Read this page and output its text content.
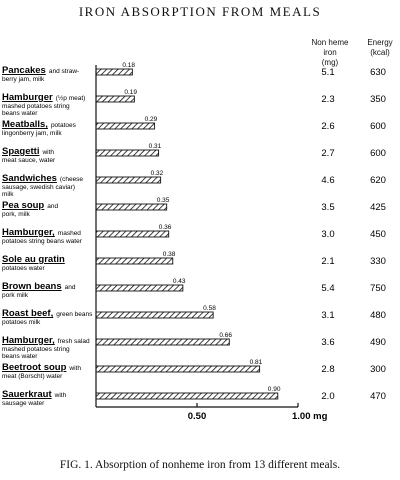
IRON ABSORPTION FROM MEALS
Non heme
iron
(mg)
Energy
(kcal)
Pancakes and straw-
berry jam, milk
0.18
5.1	630
Hamburger (½p meat)
mashed potatoes string
beans water
0.19
2.3	350
Meatballs, potatoes
lingonberry jam, milk
0.29
2.6	600
Spagetti with
meat sauce, water
0.31
2.7	600
Sandwiches (cheese
sausage, swedish caviar)
milk
0.32
4.6	620
Pea soup and
pork, milk
0.35
3.5	425
Hamburger, mashed
potatoes string beans water
0.36
3.0	450
Sole au gratin
potatoes water
0.38
2.1	330
Brown beans and
pork milk
0.43
5.4	750
Roast beef, green beans
potatoes milk
0.58
3.1	480
Hamburger, fresh salad
mashed potatoes string
beans water
0.66
3.6	490
Beetroot soup with
meat (Borscht) water
0.81
2.8	300
Sauerkraut with
sausage water
0.90
2.0	470
0.50	1.00 mg
FIG. 1. Absorption of nonheme iron from 13 different meals.
